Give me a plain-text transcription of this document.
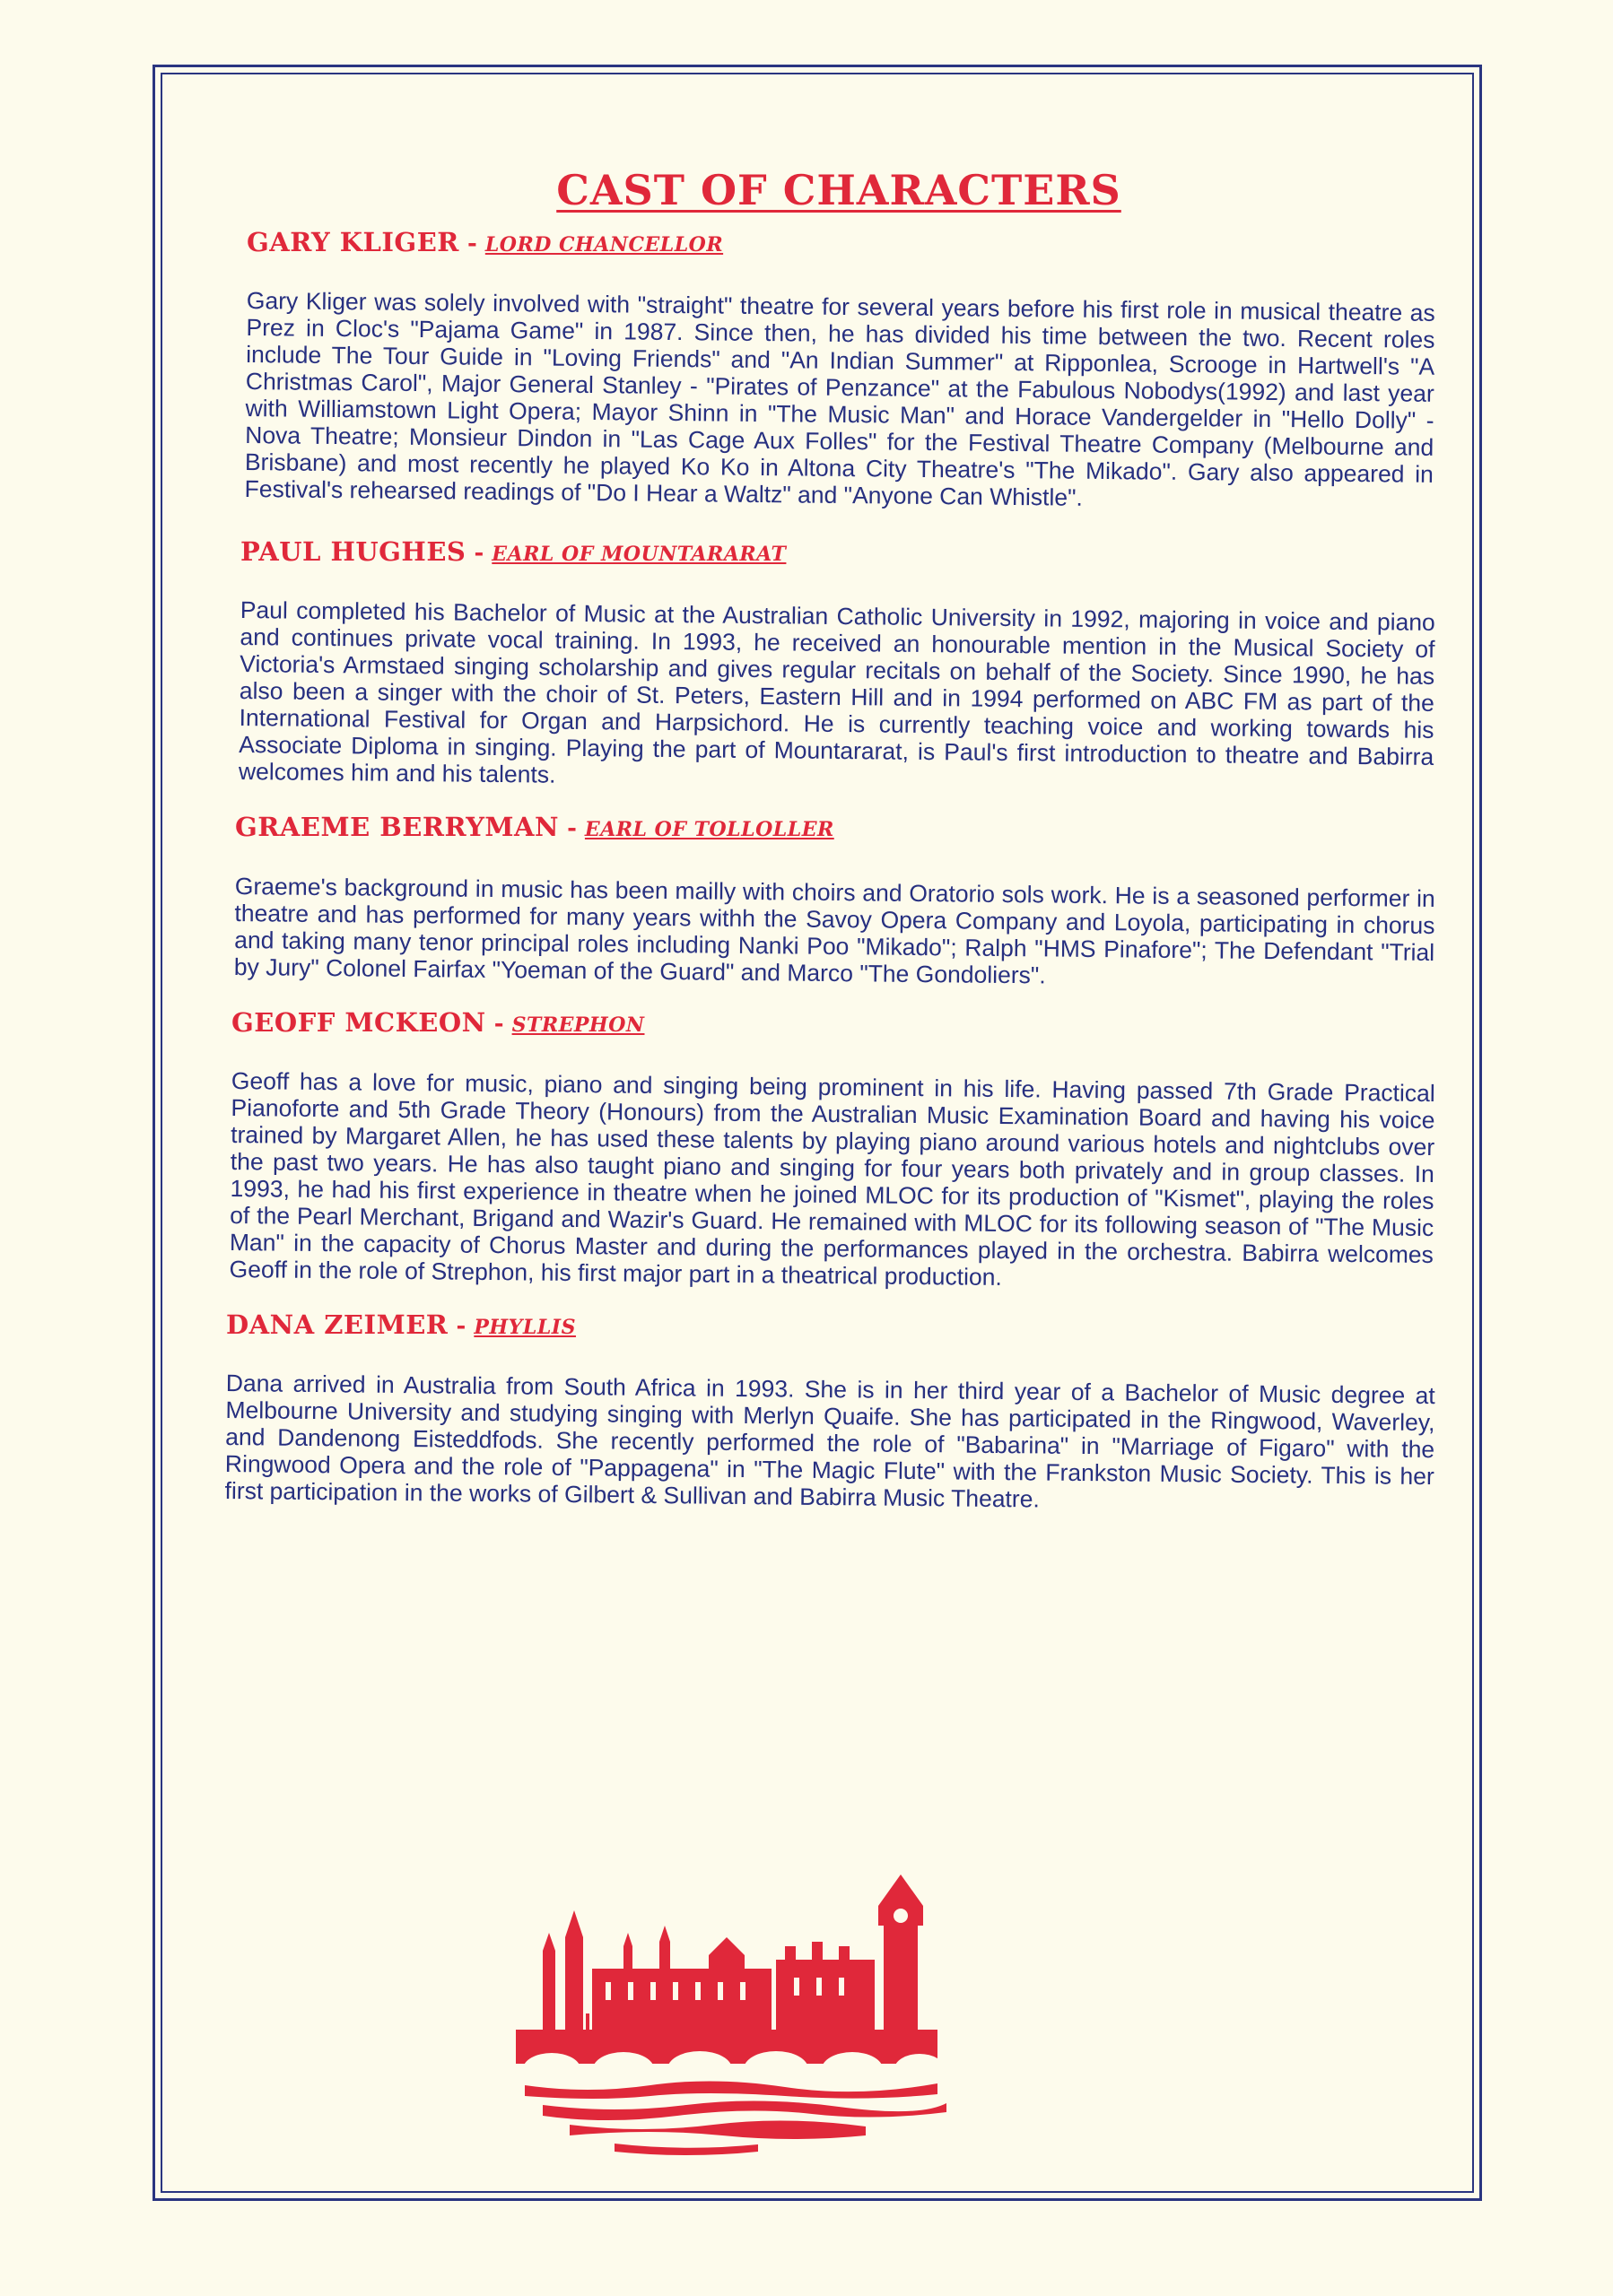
CAST OF CHARACTERS
GARY KLIGER - LORD CHANCELLOR

Gary Kliger was solely involved with "straight" theatre for several years before his first role in musical theatre as Prez in Cloc's "Pajama Game" in 1987. Since then, he has divided his time between the two. Recent roles include The Tour Guide in "Loving Friends" and "An Indian Summer" at Ripponlea, Scrooge in Hartwell's "A Christmas Carol", Major General Stanley - "Pirates of Penzance" at the Fabulous Nobodys(1992) and last year with Williamstown Light Opera; Mayor Shinn in "The Music Man" and Horace Vandergelder in "Hello Dolly" - Nova Theatre; Monsieur Dindon in "Las Cage Aux Folles" for the Festival Theatre Company (Melbourne and Brisbane) and most recently he played Ko Ko in Altona City Theatre's "The Mikado". Gary also appeared in Festival's rehearsed readings of "Do I Hear a Waltz" and "Anyone Can Whistle".

PAUL HUGHES - EARL OF MOUNTARARAT

Paul completed his Bachelor of Music at the Australian Catholic University in 1992, majoring in voice and piano and continues private vocal training. In 1993, he received an honourable mention in the Musical Society of Victoria's Armstaed singing scholarship and gives regular recitals on behalf of the Society. Since 1990, he has also been a singer with the choir of St. Peters, Eastern Hill and in 1994 performed on ABC FM as part of the International Festival for Organ and Harpsichord. He is currently teaching voice and working towards his Associate Diploma in singing. Playing the part of Mountararat, is Paul's first introduction to theatre and Babirra welcomes him and his talents.

GRAEME BERRYMAN - EARL OF TOLLOLLER

Graeme's background in music has been mailly with choirs and Oratorio sols work. He is a seasoned performer in theatre and has performed for many years withh the Savoy Opera Company and Loyola, participating in chorus and taking many tenor principal roles including Nanki Poo "Mikado"; Ralph "HMS Pinafore"; The Defendant "Trial by Jury" Colonel Fairfax "Yoeman of the Guard" and Marco "The Gondoliers".

GEOFF MCKEON - STREPHON

Geoff has a love for music, piano and singing being prominent in his life. Having passed 7th Grade Practical Pianoforte and 5th Grade Theory (Honours) from the Australian Music Examination Board and having his voice trained by Margaret Allen, he has used these talents by playing piano around various hotels and nightclubs over the past two years. He has also taught piano and singing for four years both privately and in group classes. In 1993, he had his first experience in theatre when he joined MLOC for its production of "Kismet", playing the roles of the Pearl Merchant, Brigand and Wazir's Guard. He remained with MLOC for its following season of "The Music Man" in the capacity of Chorus Master and during the performances played in the orchestra. Babirra welcomes Geoff in the role of Strephon, his first major part in a theatrical production.

DANA ZEIMER - PHYLLIS

Dana arrived in Australia from South Africa in 1993. She is in her third year of a Bachelor of Music degree at Melbourne University and studying singing with Merlyn Quaife. She has participated in the Ringwood, Waverley, and Dandenong Eisteddfods. She recently performed the role of "Babarina" in "Marriage of Figaro" with the Ringwood Opera and the role of "Pappagena" in "The Magic Flute" with the Frankston Music Society. This is her first participation in the works of Gilbert & Sullivan and Babirra Music Theatre.
